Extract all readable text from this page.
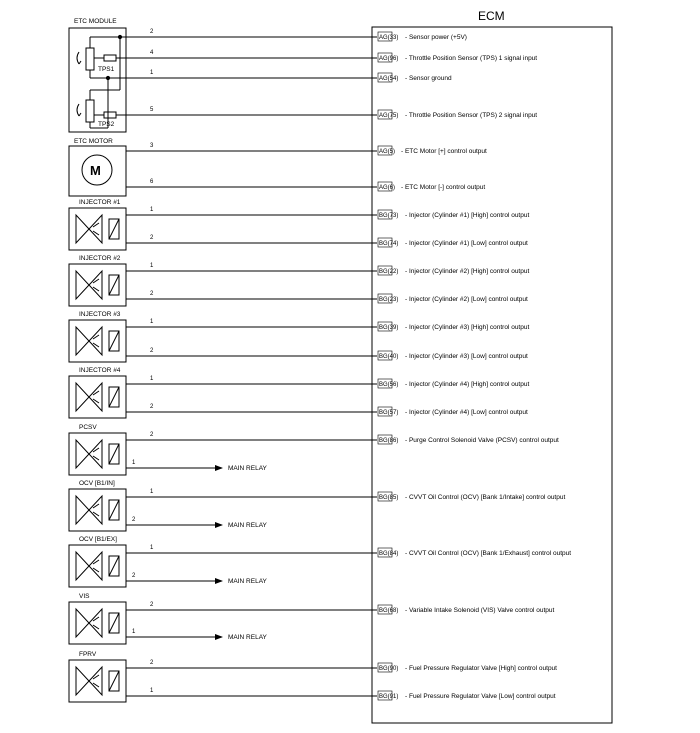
ECM
ETC MODULE
TPS1
TPS2
ETC MOTOR
M
2
AG(33) - Sensor power (+5V)
4
AG(96) - Throttle Position Sensor (TPS) 1 signal input
1
AG(54) - Sensor ground
5
AG(75) - Throttle Position Sensor (TPS) 2 signal input
3
AG(5) - ETC Motor [+] control output
6
AG(6) - ETC Motor [-] control output
1
BG(73) - Injector (Cylinder #1) [High] control output
2
BG(74) - Injector (Cylinder #1) [Low] control output
1
BG(22) - Injector (Cylinder #2) [High] control output
2
BG(23) - Injector (Cylinder #2) [Low] control output
1
BG(39) - Injector (Cylinder #3) [High] control output
2
BG(40) - Injector (Cylinder #3) [Low] control output
1
BG(56) - Injector (Cylinder #4) [High] control output
2
BG(57) - Injector (Cylinder #4) [Low] control output
2
BG(86) - Purge Control Solenoid Valve (PCSV) control output
1
BG(85) - CVVT Oil Control (OCV) [Bank 1/Intake] control output
1
BG(84) - CVVT Oil Control (OCV) [Bank 1/Exhaust] control output
2
BG(68) - Variable Intake Solenoid (VIS) Valve control output
2
BG(90) - Fuel Pressure Regulator Valve [High] control output
1
BG(91) - Fuel Pressure Regulator Valve [Low] control output
INJECTOR #1
INJECTOR #2
INJECTOR #3
INJECTOR #4
PCSV
OCV [B1/IN]
OCV [B1/EX]
VIS
FPRV
1
MAIN RELAY
2
MAIN RELAY
2
MAIN RELAY
1
MAIN RELAY
